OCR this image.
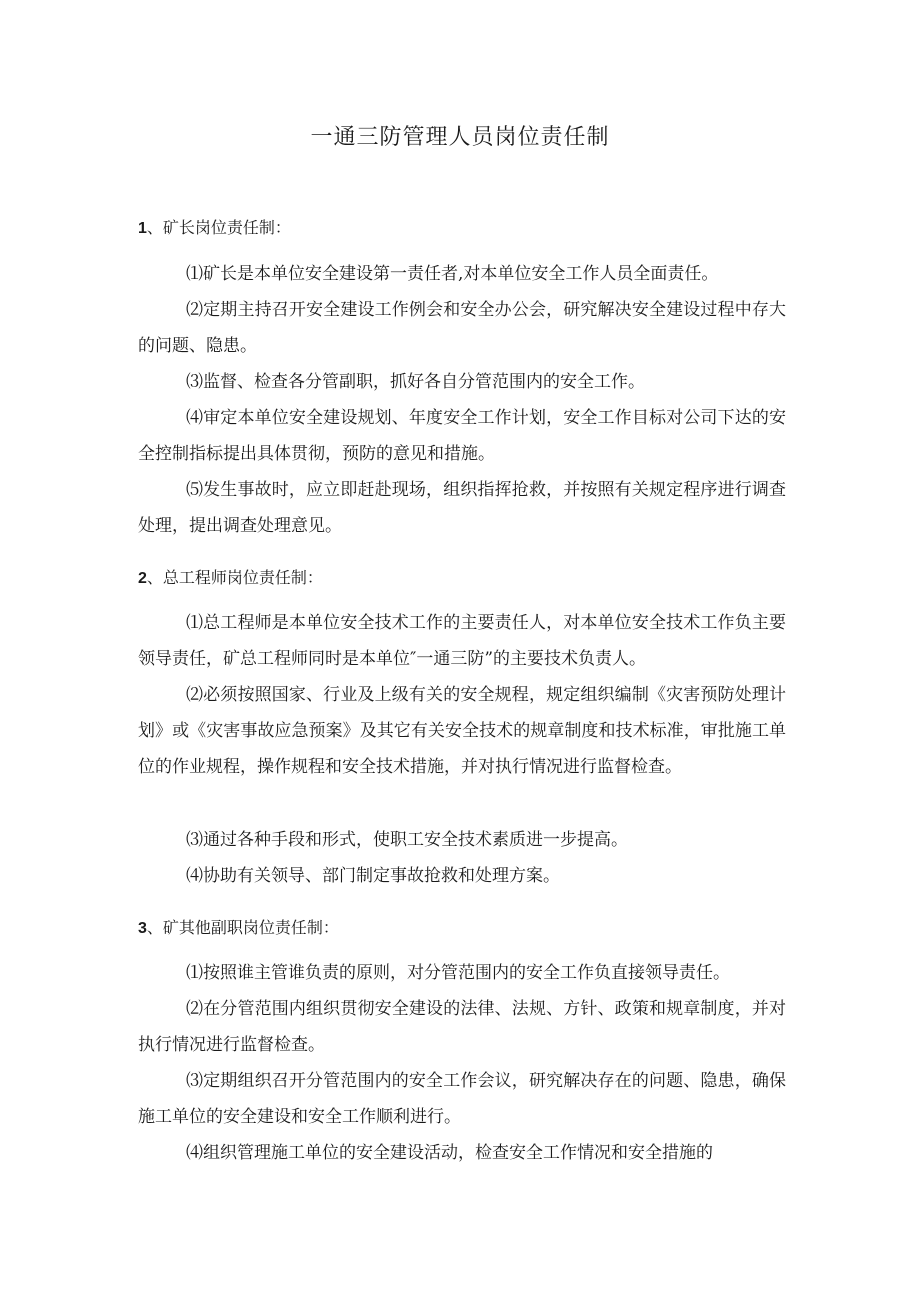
一通三防管理人员岗位责任制
1、矿长岗位责任制：

⑴矿长是本单位安全建设第一责任者,对本单位安全工作人员全面责任。

⑵定期主持召开安全建设工作例会和安全办公会，研究解决安全建设过程中存大的问题、隐患。

⑶监督、检查各分管副职，抓好各自分管范围内的安全工作。

⑷审定本单位安全建设规划、年度安全工作计划，安全工作目标对公司下达的安全控制指标提出具体贯彻，预防的意见和措施。

⑸发生事故时，应立即赶赴现场，组织指挥抢救，并按照有关规定程序进行调查处理，提出调查处理意见。

2、总工程师岗位责任制：

⑴总工程师是本单位安全技术工作的主要责任人，对本单位安全技术工作负主要领导责任，矿总工程师同时是本单位″一通三防”的主要技术负责人。

⑵必须按照国家、行业及上级有关的安全规程，规定组织编制《灾害预防处理计划》或《灾害事故应急预案》及其它有关安全技术的规章制度和技术标准，审批施工单位的作业规程，操作规程和安全技术措施，并对执行情况进行监督检查。

⑶通过各种手段和形式，使职工安全技术素质进一步提高。

⑷协助有关领导、部门制定事故抢救和处理方案。

3、矿其他副职岗位责任制：

⑴按照谁主管谁负责的原则，对分管范围内的安全工作负直接领导责任。

⑵在分管范围内组织贯彻安全建设的法律、法规、方针、政策和规章制度，并对执行情况进行监督检查。

⑶定期组织召开分管范围内的安全工作会议，研究解决存在的问题、隐患，确保施工单位的安全建设和安全工作顺利进行。

⑷组织管理施工单位的安全建设活动，检查安全工作情况和安全措施的
